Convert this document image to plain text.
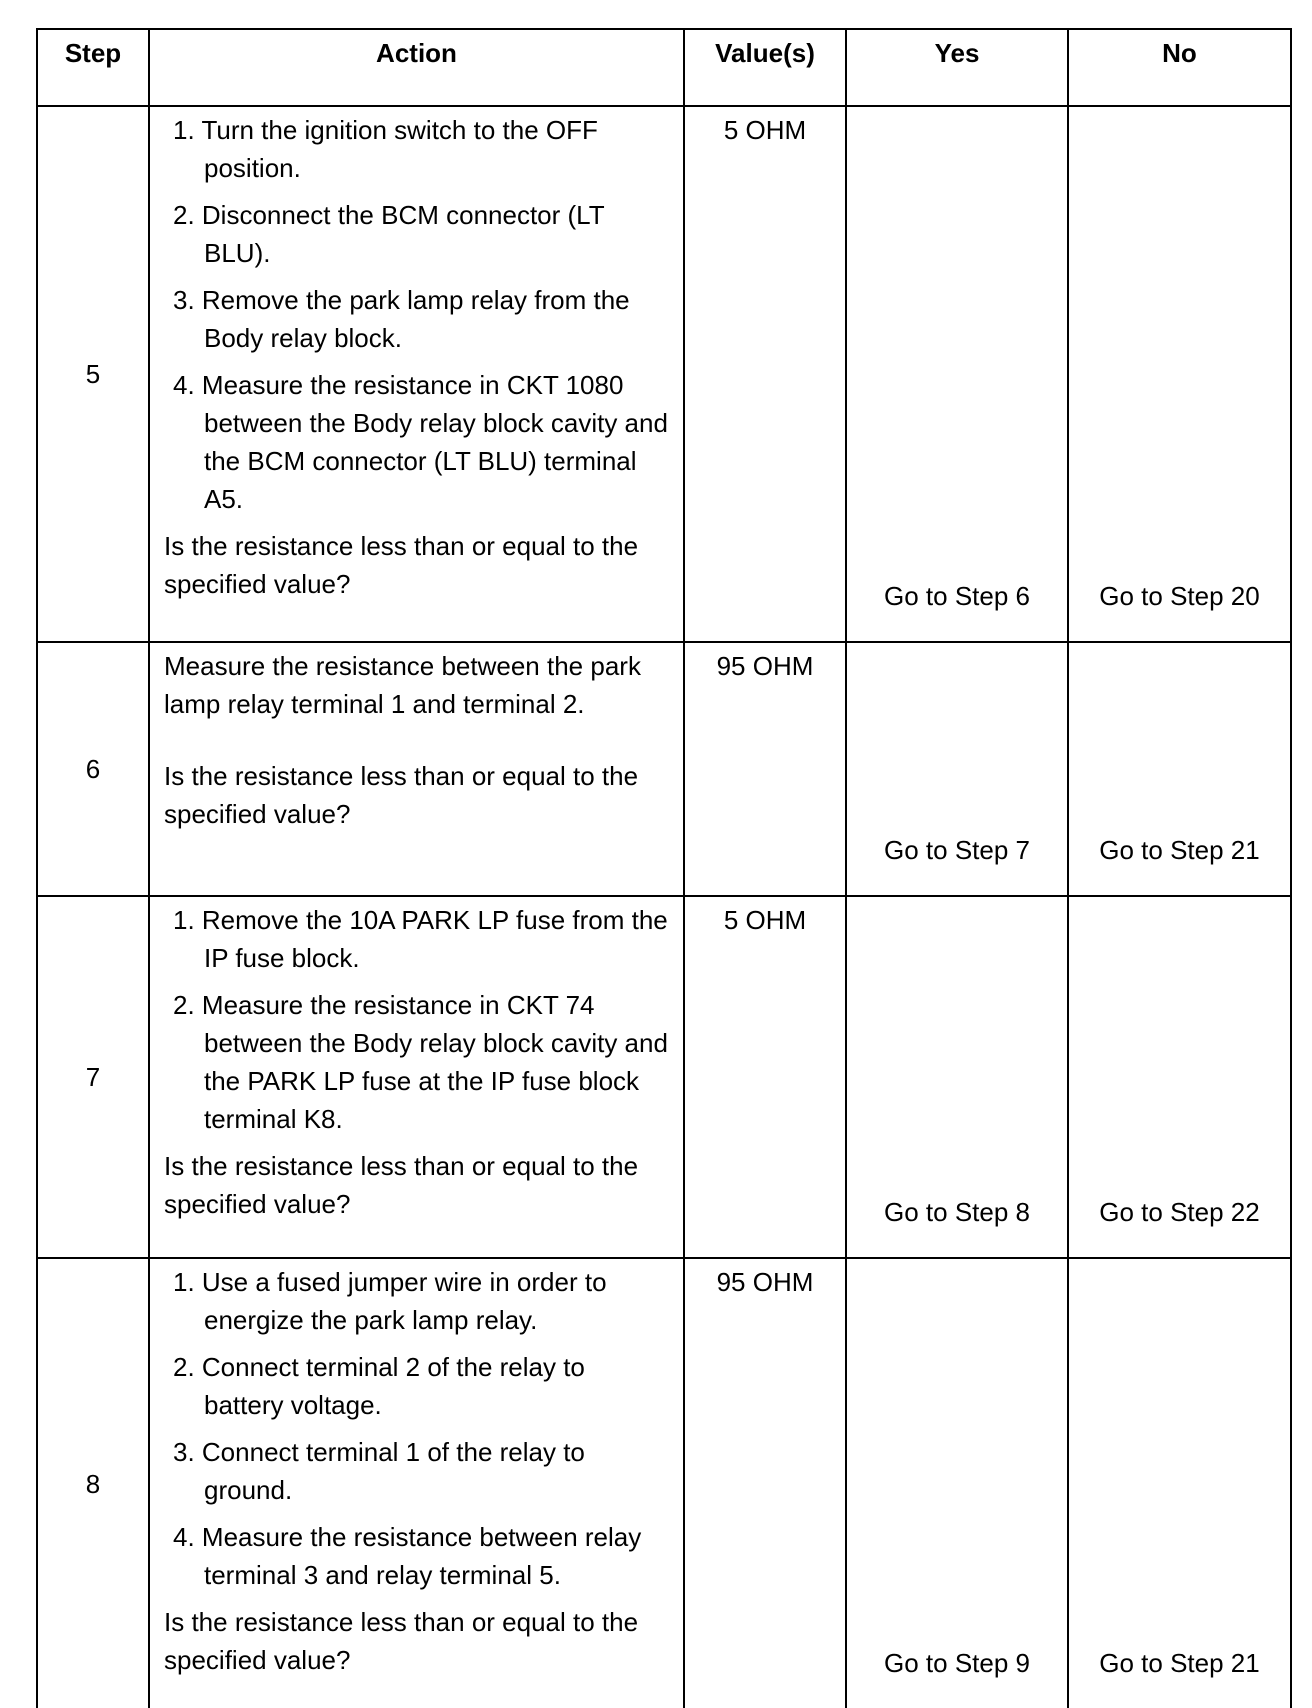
Step	Action	Value(s)	Yes	No
5	1. Turn the ignition switch to the OFF position.
2. Disconnect the BCM connector (LT BLU).
3. Remove the park lamp relay from the Body relay block.
4. Measure the resistance in CKT 1080 between the Body relay block cavity and the BCM connector (LT BLU) terminal A5.
Is the resistance less than or equal to the specified value?	5 OHM	Go to Step 6	Go to Step 20
6	Measure the resistance between the park lamp relay terminal 1 and terminal 2.
Is the resistance less than or equal to the specified value?	95 OHM	Go to Step 7	Go to Step 21
7	1. Remove the 10A PARK LP fuse from the IP fuse block.
2. Measure the resistance in CKT 74 between the Body relay block cavity and the PARK LP fuse at the IP fuse block terminal K8.
Is the resistance less than or equal to the specified value?	5 OHM	Go to Step 8	Go to Step 22
8	1. Use a fused jumper wire in order to energize the park lamp relay.
2. Connect terminal 2 of the relay to battery voltage.
3. Connect terminal 1 of the relay to ground.
4. Measure the resistance between relay terminal 3 and relay terminal 5.
Is the resistance less than or equal to the specified value?	95 OHM	Go to Step 9	Go to Step 21
